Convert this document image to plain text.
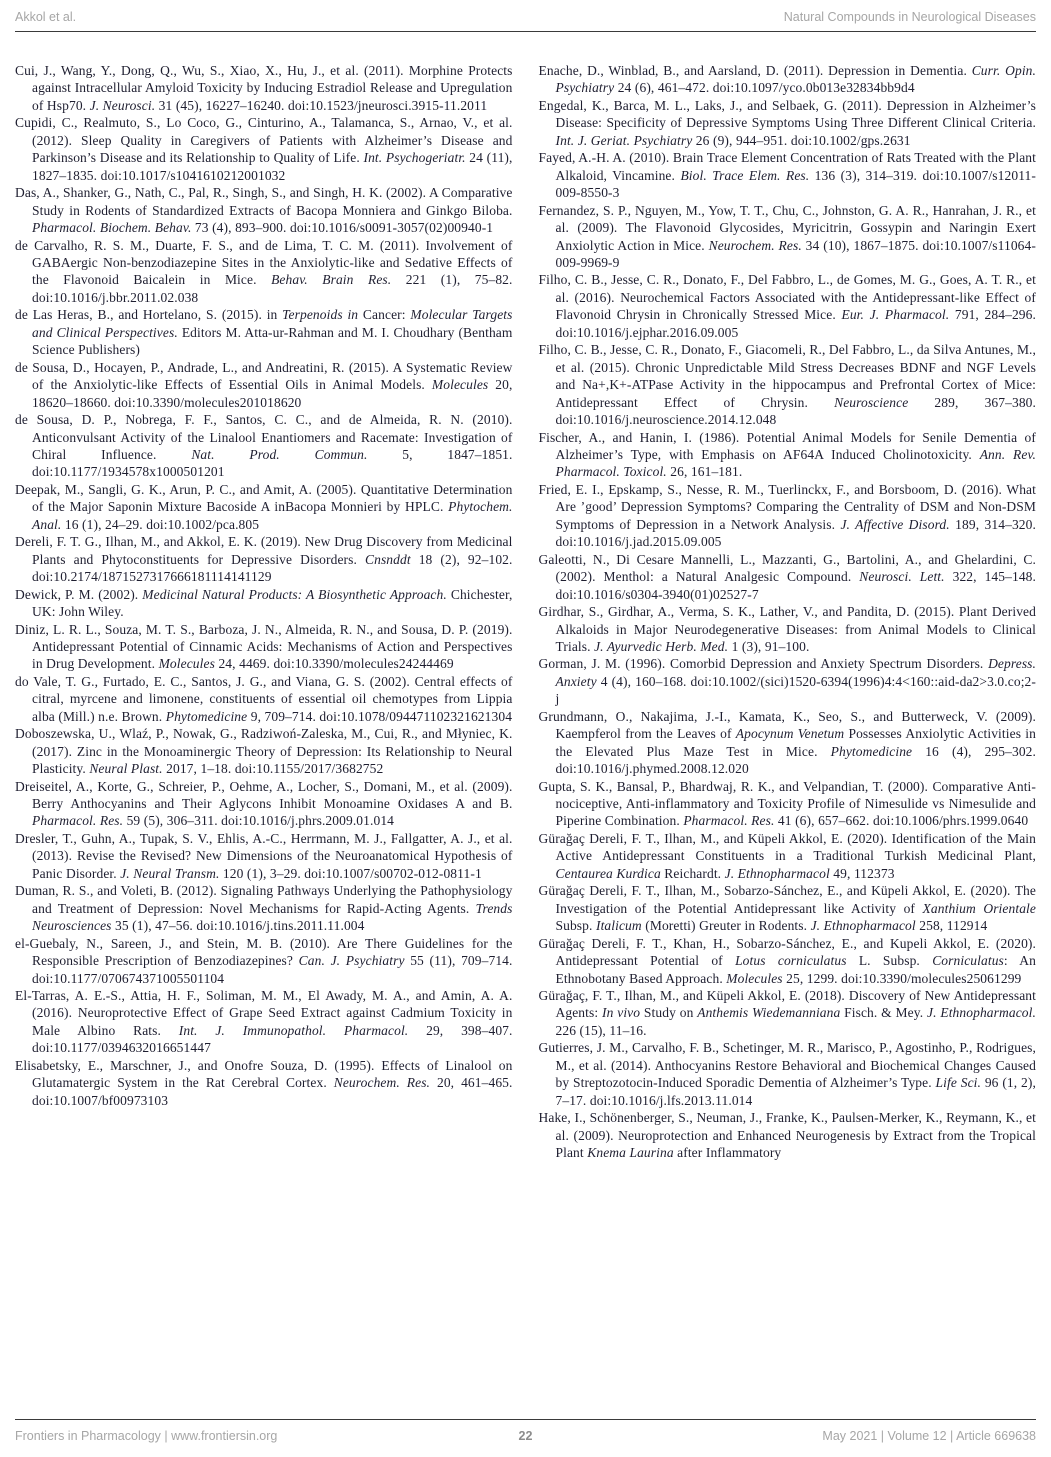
Akkol et al.	Natural Compounds in Neurological Diseases

Cui, J., Wang, Y., Dong, Q., Wu, S., Xiao, X., Hu, J., et al. (2011). Morphine Protects against Intracellular Amyloid Toxicity by Inducing Estradiol Release and Upregulation of Hsp70. J. Neurosci. 31 (45), 16227–16240. doi:10.1523/jneurosci.3915-11.2011

Cupidi, C., Realmuto, S., Lo Coco, G., Cinturino, A., Talamanca, S., Arnao, V., et al. (2012). Sleep Quality in Caregivers of Patients with Alzheimer’s Disease and Parkinson’s Disease and its Relationship to Quality of Life. Int. Psychogeriatr. 24 (11), 1827–1835. doi:10.1017/s1041610212001032

Das, A., Shanker, G., Nath, C., Pal, R., Singh, S., and Singh, H. K. (2002). A Comparative Study in Rodents of Standardized Extracts of Bacopa Monniera and Ginkgo Biloba. Pharmacol. Biochem. Behav. 73 (4), 893–900. doi:10.1016/s0091-3057(02)00940-1

de Carvalho, R. S. M., Duarte, F. S., and de Lima, T. C. M. (2011). Involvement of GABAergic Non-benzodiazepine Sites in the Anxiolytic-like and Sedative Effects of the Flavonoid Baicalein in Mice. Behav. Brain Res. 221 (1), 75–82. doi:10.1016/j.bbr.2011.02.038

de Las Heras, B., and Hortelano, S. (2015). in Terpenoids in Cancer: Molecular Targets and Clinical Perspectives. Editors M. Atta-ur-Rahman and M. I. Choudhary (Bentham Science Publishers)

de Sousa, D., Hocayen, P., Andrade, L., and Andreatini, R. (2015). A Systematic Review of the Anxiolytic-like Effects of Essential Oils in Animal Models. Molecules 20, 18620–18660. doi:10.3390/molecules201018620

de Sousa, D. P., Nobrega, F. F., Santos, C. C., and de Almeida, R. N. (2010). Anticonvulsant Activity of the Linalool Enantiomers and Racemate: Investigation of Chiral Influence. Nat. Prod. Commun. 5, 1847–1851. doi:10.1177/1934578x1000501201

Deepak, M., Sangli, G. K., Arun, P. C., and Amit, A. (2005). Quantitative Determination of the Major Saponin Mixture Bacoside A inBacopa Monnieri by HPLC. Phytochem. Anal. 16 (1), 24–29. doi:10.1002/pca.805

Dereli, F. T. G., Ilhan, M., and Akkol, E. K. (2019). New Drug Discovery from Medicinal Plants and Phytoconstituents for Depressive Disorders. Cnsnddt 18 (2), 92–102. doi:10.2174/1871527317666181114141129

Dewick, P. M. (2002). Medicinal Natural Products: A Biosynthetic Approach. Chichester, UK: John Wiley.

Diniz, L. R. L., Souza, M. T. S., Barboza, J. N., Almeida, R. N., and Sousa, D. P. (2019). Antidepressant Potential of Cinnamic Acids: Mechanisms of Action and Perspectives in Drug Development. Molecules 24, 4469. doi:10.3390/molecules24244469

do Vale, T. G., Furtado, E. C., Santos, J. G., and Viana, G. S. (2002). Central effects of citral, myrcene and limonene, constituents of essential oil chemotypes from Lippia alba (Mill.) n.e. Brown. Phytomedicine 9, 709–714. doi:10.1078/094471102321621304

Doboszewska, U., Wlaź, P., Nowak, G., Radziwoń-Zaleska, M., Cui, R., and Młyniec, K. (2017). Zinc in the Monoaminergic Theory of Depression: Its Relationship to Neural Plasticity. Neural Plast. 2017, 1–18. doi:10.1155/2017/3682752

Dreiseitel, A., Korte, G., Schreier, P., Oehme, A., Locher, S., Domani, M., et al. (2009). Berry Anthocyanins and Their Aglycons Inhibit Monoamine Oxidases A and B. Pharmacol. Res. 59 (5), 306–311. doi:10.1016/j.phrs.2009.01.014

Dresler, T., Guhn, A., Tupak, S. V., Ehlis, A.-C., Herrmann, M. J., Fallgatter, A. J., et al. (2013). Revise the Revised? New Dimensions of the Neuroanatomical Hypothesis of Panic Disorder. J. Neural Transm. 120 (1), 3–29. doi:10.1007/s00702-012-0811-1

Duman, R. S., and Voleti, B. (2012). Signaling Pathways Underlying the Pathophysiology and Treatment of Depression: Novel Mechanisms for Rapid-Acting Agents. Trends Neurosciences 35 (1), 47–56. doi:10.1016/j.tins.2011.11.004

el-Guebaly, N., Sareen, J., and Stein, M. B. (2010). Are There Guidelines for the Responsible Prescription of Benzodiazepines? Can. J. Psychiatry 55 (11), 709–714. doi:10.1177/070674371005501104

El-Tarras, A. E.-S., Attia, H. F., Soliman, M. M., El Awady, M. A., and Amin, A. A. (2016). Neuroprotective Effect of Grape Seed Extract against Cadmium Toxicity in Male Albino Rats. Int. J. Immunopathol. Pharmacol. 29, 398–407. doi:10.1177/0394632016651447

Elisabetsky, E., Marschner, J., and Onofre Souza, D. (1995). Effects of Linalool on Glutamatergic System in the Rat Cerebral Cortex. Neurochem. Res. 20, 461–465. doi:10.1007/bf00973103

Enache, D., Winblad, B., and Aarsland, D. (2011). Depression in Dementia. Curr. Opin. Psychiatry 24 (6), 461–472. doi:10.1097/yco.0b013e32834bb9d4

Engedal, K., Barca, M. L., Laks, J., and Selbaek, G. (2011). Depression in Alzheimer’s Disease: Specificity of Depressive Symptoms Using Three Different Clinical Criteria. Int. J. Geriat. Psychiatry 26 (9), 944–951. doi:10.1002/gps.2631

Fayed, A.-H. A. (2010). Brain Trace Element Concentration of Rats Treated with the Plant Alkaloid, Vincamine. Biol. Trace Elem. Res. 136 (3), 314–319. doi:10.1007/s12011-009-8550-3

Fernandez, S. P., Nguyen, M., Yow, T. T., Chu, C., Johnston, G. A. R., Hanrahan, J. R., et al. (2009). The Flavonoid Glycosides, Myricitrin, Gossypin and Naringin Exert Anxiolytic Action in Mice. Neurochem. Res. 34 (10), 1867–1875. doi:10.1007/s11064-009-9969-9

Filho, C. B., Jesse, C. R., Donato, F., Del Fabbro, L., de Gomes, M. G., Goes, A. T. R., et al. (2016). Neurochemical Factors Associated with the Antidepressant-like Effect of Flavonoid Chrysin in Chronically Stressed Mice. Eur. J. Pharmacol. 791, 284–296. doi:10.1016/j.ejphar.2016.09.005

Filho, C. B., Jesse, C. R., Donato, F., Giacomeli, R., Del Fabbro, L., da Silva Antunes, M., et al. (2015). Chronic Unpredictable Mild Stress Decreases BDNF and NGF Levels and Na+,K+-ATPase Activity in the hippocampus and Prefrontal Cortex of Mice: Antidepressant Effect of Chrysin. Neuroscience 289, 367–380. doi:10.1016/j.neuroscience.2014.12.048

Fischer, A., and Hanin, I. (1986). Potential Animal Models for Senile Dementia of Alzheimer’s Type, with Emphasis on AF64A Induced Cholinotoxicity. Ann. Rev. Pharmacol. Toxicol. 26, 161–181.

Fried, E. I., Epskamp, S., Nesse, R. M., Tuerlinckx, F., and Borsboom, D. (2016). What Are ’good’ Depression Symptoms? Comparing the Centrality of DSM and Non-DSM Symptoms of Depression in a Network Analysis. J. Affective Disord. 189, 314–320. doi:10.1016/j.jad.2015.09.005

Galeotti, N., Di Cesare Mannelli, L., Mazzanti, G., Bartolini, A., and Ghelardini, C. (2002). Menthol: a Natural Analgesic Compound. Neurosci. Lett. 322, 145–148. doi:10.1016/s0304-3940(01)02527-7

Girdhar, S., Girdhar, A., Verma, S. K., Lather, V., and Pandita, D. (2015). Plant Derived Alkaloids in Major Neurodegenerative Diseases: from Animal Models to Clinical Trials. J. Ayurvedic Herb. Med. 1 (3), 91–100.

Gorman, J. M. (1996). Comorbid Depression and Anxiety Spectrum Disorders. Depress. Anxiety 4 (4), 160–168. doi:10.1002/(sici)1520-6394(1996)4:4<160::aid-da2>3.0.co;2-j

Grundmann, O., Nakajima, J.-I., Kamata, K., Seo, S., and Butterweck, V. (2009). Kaempferol from the Leaves of Apocynum Venetum Possesses Anxiolytic Activities in the Elevated Plus Maze Test in Mice. Phytomedicine 16 (4), 295–302. doi:10.1016/j.phymed.2008.12.020

Gupta, S. K., Bansal, P., Bhardwaj, R. K., and Velpandian, T. (2000). Comparative Anti-nociceptive, Anti-inflammatory and Toxicity Profile of Nimesulide vs Nimesulide and Piperine Combination. Pharmacol. Res. 41 (6), 657–662. doi:10.1006/phrs.1999.0640

Gürağaç Dereli, F. T., Ilhan, M., and Küpeli Akkol, E. (2020). Identification of the Main Active Antidepressant Constituents in a Traditional Turkish Medicinal Plant, Centaurea Kurdica Reichardt. J. Ethnopharmacol 49, 112373

Gürağaç Dereli, F. T., Ilhan, M., Sobarzo-Sánchez, E., and Küpeli Akkol, E. (2020). The Investigation of the Potential Antidepressant like Activity of Xanthium Orientale Subsp. Italicum (Moretti) Greuter in Rodents. J. Ethnopharmacol 258, 112914

Gürağaç Dereli, F. T., Khan, H., Sobarzo-Sánchez, E., and Kupeli Akkol, E. (2020). Antidepressant Potential of Lotus corniculatus L. Subsp. Corniculatus: An Ethnobotany Based Approach. Molecules 25, 1299. doi:10.3390/molecules25061299

Gürağaç, F. T., Ilhan, M., and Küpeli Akkol, E. (2018). Discovery of New Antidepressant Agents: In vivo Study on Anthemis Wiedemanniana Fisch. & Mey. J. Ethnopharmacol. 226 (15), 11–16.

Gutierres, J. M., Carvalho, F. B., Schetinger, M. R., Marisco, P., Agostinho, P., Rodrigues, M., et al. (2014). Anthocyanins Restore Behavioral and Biochemical Changes Caused by Streptozotocin-Induced Sporadic Dementia of Alzheimer’s Type. Life Sci. 96 (1, 2), 7–17. doi:10.1016/j.lfs.2013.11.014

Hake, I., Schönenberger, S., Neuman, J., Franke, K., Paulsen-Merker, K., Reymann, K., et al. (2009). Neuroprotection and Enhanced Neurogenesis by Extract from the Tropical Plant Knema Laurina after Inflammatory

Frontiers in Pharmacology | www.frontiersin.org	22	May 2021 | Volume 12 | Article 669638
